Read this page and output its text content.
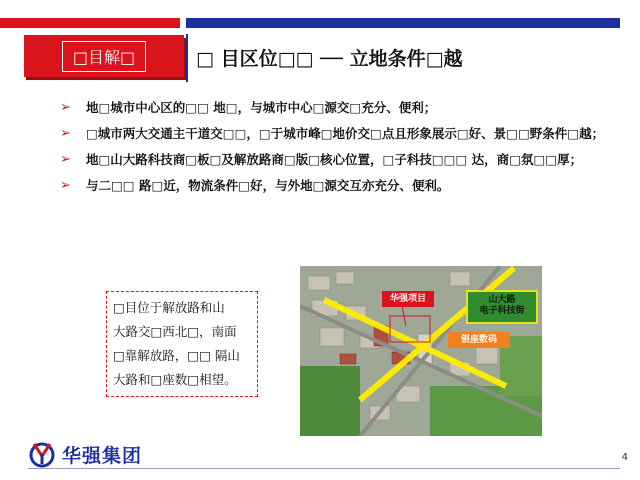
□目解□	□ 目区位□□ ── 立地条件□越
➢ 地□城市中心区的□□ 地□，与城市中心□源交□充分、便利；
➢ □城市两大交通主干道交□□，□于城市峰□地价交□点且形象展示□好、景□□野条件□越；
➢ 地□山大路科技商□板□及解放路商□版□核心位置，□子科技□□□ 达，商□氛□□厚；
➢ 与二□□ 路□近，物流条件□好，与外地□源交互亦充分、便利。
□目位于解放路和山
大路交□西北□，南面
□靠解放路，□□ 隔山
大路和□座数□相望。
华强项目	山大路
电子科技街
银座数码
华强集团	4
